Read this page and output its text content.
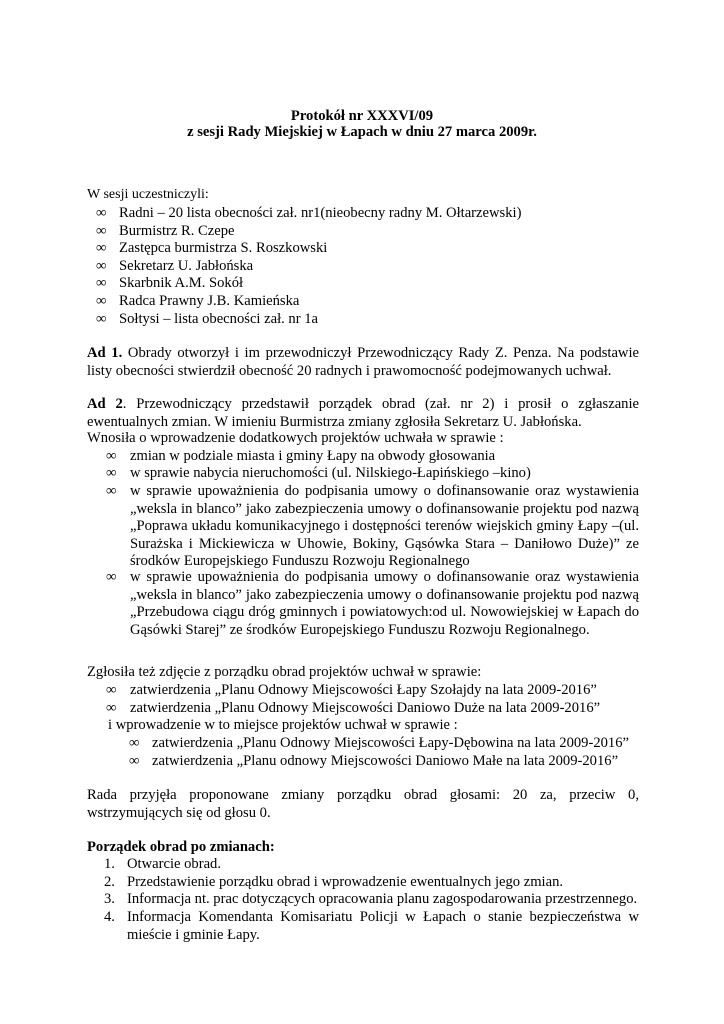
Protokół nr XXXVI/09
z sesji Rady Miejskiej w Łapach w dniu 27 marca 2009r.
W sesji uczestniczyli:
∞ Radni – 20 lista obecności zał. nr1(nieobecny radny M. Ołtarzewski)
∞ Burmistrz R. Czepe
∞ Zastępca burmistrza S. Roszkowski
∞ Sekretarz U. Jabłońska
∞ Skarbnik A.M. Sokół
∞ Radca Prawny J.B. Kamieńska
∞ Sołtysi – lista obecności zał. nr 1a
Ad 1. Obrady otworzył i im przewodniczył Przewodniczący Rady Z. Penza. Na podstawie listy obecności stwierdził obecność 20 radnych i prawomocność podejmowanych uchwał.
Ad 2. Przewodniczący przedstawił porządek obrad (zał. nr 2) i prosił o zgłaszanie ewentualnych zmian. W imieniu Burmistrza zmiany zgłosiła Sekretarz U. Jabłońska.
Wnosiła o wprowadzenie dodatkowych projektów uchwała w sprawie :
∞ zmian w podziale miasta i gminy Łapy na obwody głosowania
∞ w sprawie nabycia nieruchomości (ul. Nilskiego-Łapińskiego –kino)
∞ w sprawie upoważnienia do podpisania umowy o dofinansowanie oraz wystawienia „weksla in blanco” jako zabezpieczenia umowy o dofinansowanie projektu pod nazwą „Poprawa układu komunikacyjnego i dostępności terenów wiejskich gminy Łapy –(ul. Surażska i Mickiewicza w Uhowie, Bokiny, Gąsówka Stara – Daniłowo Duże)” ze środków Europejskiego Funduszu Rozwoju Regionalnego
∞ w sprawie upoważnienia do podpisania umowy o dofinansowanie oraz wystawienia „weksla in blanco” jako zabezpieczenia umowy o dofinansowanie projektu pod nazwą „Przebudowa ciągu dróg gminnych i powiatowych:od ul. Nowowiejskiej w Łapach do Gąsówki Starej” ze środków Europejskiego Funduszu Rozwoju Regionalnego.
Zgłosiła też zdjęcie z porządku obrad projektów uchwał w sprawie:
∞ zatwierdzenia „Planu Odnowy Miejscowości Łapy Szołajdy na lata 2009-2016”
∞ zatwierdzenia „Planu Odnowy Miejscowości Daniowo Duże na lata 2009-2016”
i wprowadzenie w to miejsce projektów uchwał w sprawie :
∞ zatwierdzenia „Planu Odnowy Miejscowości Łapy-Dębowina na lata 2009-2016”
∞ zatwierdzenia „Planu odnowy Miejscowości Daniowo Małe na lata 2009-2016”
Rada przyjęła proponowane zmiany porządku obrad głosami: 20 za, przeciw 0, wstrzymujących się od głosu 0.
Porządek obrad po zmianach:
1. Otwarcie obrad.
2. Przedstawienie porządku obrad i wprowadzenie ewentualnych jego zmian.
3. Informacja nt. prac dotyczących opracowania planu zagospodarowania przestrzennego.
4. Informacja Komendanta Komisariatu Policji w Łapach o stanie bezpieczeństwa w mieście i gminie Łapy.
